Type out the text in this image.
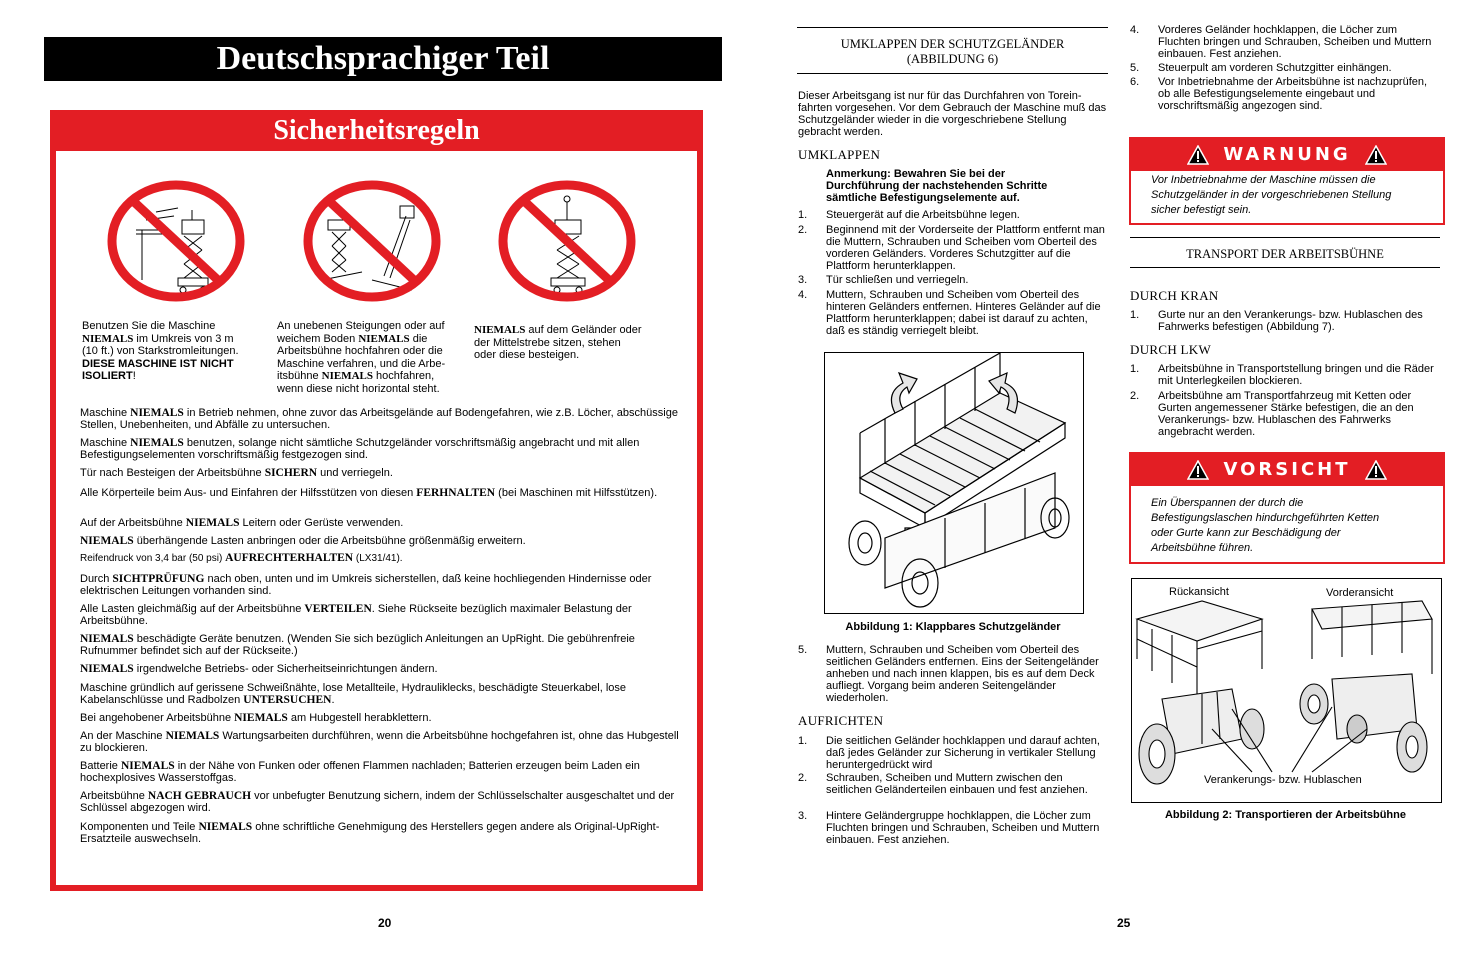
Deutschsprachiger Teil
Sicherheitsregeln
Benutzen Sie die Maschine
NIEMALS im Umkreis von 3 m
(10 ft.) von Starkstromleitungen.
DIESE MASCHINE IST NICHT
ISOLIERT!
An unebenen Steigungen oder auf
weichem Boden NIEMALS die
Arbeitsbühne hochfahren oder die
Maschine verfahren, und die Arbe-
itsbühne NIEMALS hochfahren,
wenn diese nicht horizontal steht.
NIEMALS auf dem Geländer oder
der Mittelstrebe sitzen, stehen
oder diese besteigen.
Maschine NIEMALS in Betrieb nehmen, ohne zuvor das Arbeitsgelände auf Bodengefahren, wie z.B. Löcher, abschüssige Stellen, Unebenheiten, und Abfälle zu untersuchen.
Maschine NIEMALS benutzen, solange nicht sämtliche Schutzgeländer vorschriftsmäßig angebracht und mit allen Befestigungselementen vorschriftsmäßig festgezogen sind.
Tür nach Besteigen der Arbeitsbühne SICHERN und verriegeln.
Alle Körperteile beim Aus- und Einfahren der Hilfsstützen von diesen FERHNALTEN (bei Maschinen mit Hilfsstützen).
Auf der Arbeitsbühne NIEMALS Leitern oder Gerüste verwenden.
NIEMALS überhängende Lasten anbringen oder die Arbeitsbühne größenmäßig erweitern.
Reifendruck von 3,4 bar (50 psi) AUFRECHTERHALTEN (LX31/41).
Durch SICHTPRÜFUNG nach oben, unten und im Umkreis sicherstellen, daß keine hochliegenden Hindernisse oder elektrischen Leitungen vorhanden sind.
Alle Lasten gleichmäßig auf der Arbeitsbühne VERTEILEN. Siehe Rückseite bezüglich maximaler Belastung der Arbeitsbühne.
NIEMALS beschädigte Geräte benutzen. (Wenden Sie sich bezüglich Anleitungen an UpRight. Die gebührenfreie Rufnummer befindet sich auf der Rückseite.)
NIEMALS irgendwelche Betriebs- oder Sicherheitseinrichtungen ändern.
Maschine gründlich auf gerissene Schweißnähte, lose Metallteile, Hydrauliklecks, beschädigte Steuerkabel, lose Kabelanschlüsse und Radbolzen UNTERSUCHEN.
Bei angehobener Arbeitsbühne NIEMALS am Hubgestell herabklettern.
An der Maschine NIEMALS Wartungsarbeiten durchführen, wenn die Arbeitsbühne hochgefahren ist, ohne das Hubgestell zu blockieren.
Batterie NIEMALS in der Nähe von Funken oder offenen Flammen nachladen; Batterien erzeugen beim Laden ein hochexplosives Wasserstoffgas.
Arbeitsbühne NACH GEBRAUCH vor unbefugter Benutzung sichern, indem der Schlüsselschalter ausgeschaltet und der Schlüssel abgezogen wird.
Komponenten und Teile NIEMALS ohne schriftliche Genehmigung des Herstellers gegen andere als Original-UpRight-Ersatzteile auswechseln.
20
UMKLAPPEN DER SCHUTZGELÄNDER
(ABBILDUNG 6)
Dieser Arbeitsgang ist nur für das Durchfahren von Torein-fahrten vorgesehen. Vor dem Gebrauch der Maschine muß das Schutzgeländer wieder in die vorgeschriebene Stellung gebracht werden.
UMKLAPPEN
Anmerkung: Bewahren Sie bei der
Durchführung der nachstehenden Schritte
sämtliche Befestigungselemente auf.
1. Steuergerät auf die Arbeitsbühne legen.
2. Beginnend mit der Vorderseite der Plattform entfernt man die Muttern, Schrauben und Scheiben vom Oberteil des vorderen Geländers. Vorderes Schutzgitter auf die Plattform herunterklappen.
3. Tür schließen und verriegeln.
4. Muttern, Schrauben und Scheiben vom Oberteil des hinteren Geländers entfernen. Hinteres Geländer auf die Plattform herunterklappen; dabei ist darauf zu achten, daß es ständig verriegelt bleibt.
Abbildung 1: Klappbares Schutzgeländer
5. Muttern, Schrauben und Scheiben vom Oberteil des seitlichen Geländers entfernen. Eins der Seitengeländer anheben und nach innen klappen, bis es auf dem Deck aufliegt. Vorgang beim anderen Seitengeländer wiederholen.
AUFRICHTEN
1. Die seitlichen Geländer hochklappen und darauf achten, daß jedes Geländer zur Sicherung in vertikaler Stellung heruntergedrückt wird
2. Schrauben, Scheiben und Muttern zwischen den seitlichen Geländerteilen einbauen und fest anziehen.
3. Hintere Geländergruppe hochklappen, die Löcher zum Fluchten bringen und Schrauben, Scheiben und Muttern einbauen. Fest anziehen.
4. Vorderes Geländer hochklappen, die Löcher zum Fluchten bringen und Schrauben, Scheiben und Muttern einbauen. Fest anziehen.
5. Steuerpult am vorderen Schutzgitter einhängen.
6. Vor Inbetriebnahme der Arbeitsbühne ist nachzuprüfen, ob alle Befestigungselemente eingebaut und vorschriftsmäßig angezogen sind.
WARNUNG
Vor Inbetriebnahme der Maschine müssen die
Schutzgeländer in der vorgeschriebenen Stellung
sicher befestigt sein.
TRANSPORT DER ARBEITSBÜHNE
DURCH KRAN
1. Gurte nur an den Verankerungs- bzw. Hublaschen des Fahrwerks befestigen (Abbildung 7).
DURCH LKW
1. Arbeitsbühne in Transportstellung bringen und die Räder mit Unterlegkeilen blockieren.
2. Arbeitsbühne am Transportfahrzeug mit Ketten oder Gurten angemessener Stärke befestigen, die an den Verankerungs- bzw. Hublaschen des Fahrwerks angebracht werden.
VORSICHT
Ein Überspannen der durch die
Befestigungslaschen hindurchgeführten Ketten
oder Gurte kann zur Beschädigung der
Arbeitsbühne führen.
Rückansicht	Vorderansicht
Verankerungs- bzw. Hublaschen
Abbildung 2: Transportieren der Arbeitsbühne
25
